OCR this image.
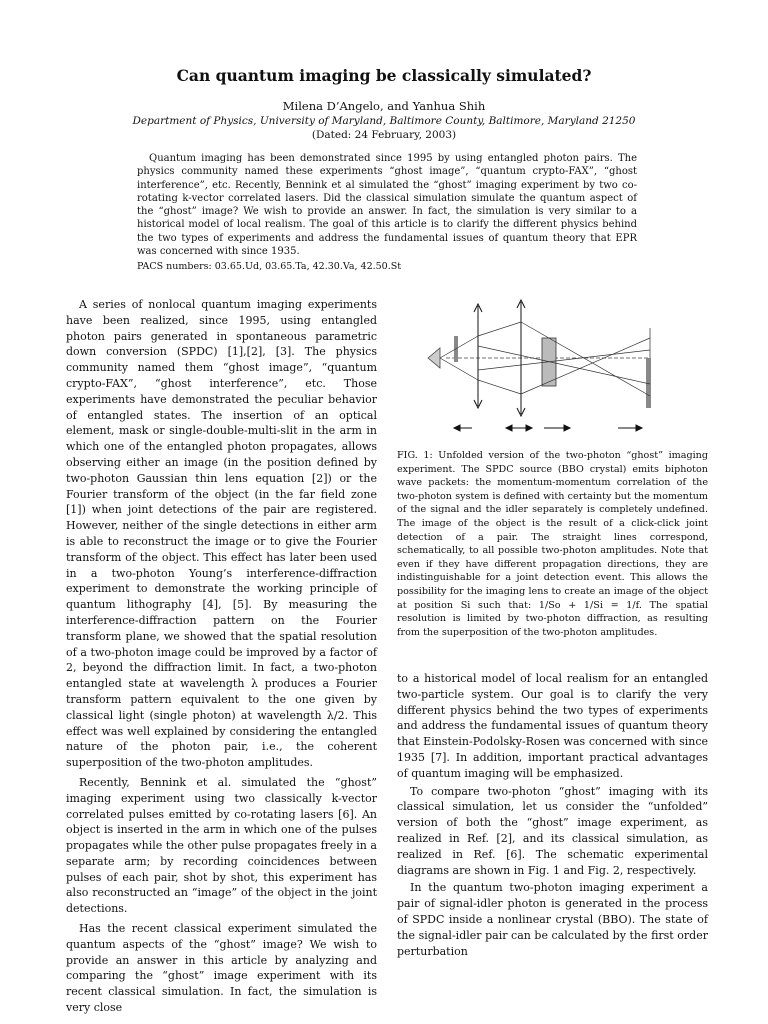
Can quantum imaging be classically simulated?
Milena D’Angelo, and Yanhua Shih
Department of Physics, University of Maryland, Baltimore County, Baltimore, Maryland 21250
(Dated: 24 February, 2003)
Quantum imaging has been demonstrated since 1995 by using entangled photon pairs. The physics community named these experiments “ghost image”, “quantum crypto-FAX”, “ghost interference”, etc. Recently, Bennink et al simulated the “ghost” imaging experiment by two co-rotating k-vector correlated lasers. Did the classical simulation simulate the quantum aspect of the “ghost” image? We wish to provide an answer. In fact, the simulation is very similar to a historical model of local realism. The goal of this article is to clarify the different physics behind the two types of experiments and address the fundamental issues of quantum theory that EPR was concerned with since 1935.
PACS numbers: 03.65.Ud, 03.65.Ta, 42.30.Va, 42.50.St

A series of nonlocal quantum imaging experiments have been realized, since 1995, using entangled photon pairs generated in spontaneous parametric down conversion (SPDC) [1],[2], [3]. The physics community named them “ghost image”, “quantum crypto-FAX”, “ghost interference”, etc. Those experiments have demonstrated the peculiar behavior of entangled states. The insertion of an optical element, mask or single-double-multi-slit in the arm in which one of the entangled photon propagates, allows observing either an image (in the position defined by two-photon Gaussian thin lens equation [2]) or the Fourier transform of the object (in the far field zone [1]) when joint detections of the pair are registered. However, neither of the single detections in either arm is able to reconstruct the image or to give the Fourier transform of the object. This effect has later been used in a two-photon Young’s interference-diffraction experiment to demonstrate the working principle of quantum lithography [4], [5]. By measuring the interference-diffraction pattern on the Fourier transform plane, we showed that the spatial resolution of a two-photon image could be improved by a factor of 2, beyond the diffraction limit. In fact, a two-photon entangled state at wavelength λ produces a Fourier transform pattern equivalent to the one given by classical light (single photon) at wavelength λ/2. This effect was well explained by considering the entangled nature of the photon pair, i.e., the coherent superposition of the two-photon amplitudes.

Recently, Bennink et al. simulated the “ghost” imaging experiment using two classically k-vector correlated pulses emitted by co-rotating lasers [6]. An object is inserted in the arm in which one of the pulses propagates while the other pulse propagates freely in a separate arm; by recording coincidences between pulses of each pair, shot by shot, this experiment has also reconstructed an “image” of the object in the joint detections.

Has the recent classical experiment simulated the quantum aspects of the “ghost” image? We wish to provide an answer in this article by analyzing and comparing the “ghost” image experiment with its recent classical simulation. In fact, the simulation is very close

FIG. 1: Unfolded version of the two-photon “ghost” imaging experiment. The SPDC source (BBO crystal) emits biphoton wave packets: the momentum-momentum correlation of the two-photon system is defined with certainty but the momentum of the signal and the idler separately is completely undefined. The image of the object is the result of a click-click joint detection of a pair. The straight lines correspond, schematically, to all possible two-photon amplitudes. Note that even if they have different propagation directions, they are indistinguishable for a joint detection event. This allows the possibility for the imaging lens to create an image of the object at position Si such that: 1/So + 1/Si = 1/f. The spatial resolution is limited by two-photon diffraction, as resulting from the superposition of the two-photon amplitudes.

to a historical model of local realism for an entangled two-particle system. Our goal is to clarify the very different physics behind the two types of experiments and address the fundamental issues of quantum theory that Einstein-Podolsky-Rosen was concerned with since 1935 [7]. In addition, important practical advantages of quantum imaging will be emphasized.

To compare two-photon “ghost” imaging with its classical simulation, let us consider the “unfolded” version of both the “ghost” image experiment, as realized in Ref. [2], and its classical simulation, as realized in Ref. [6]. The schematic experimental diagrams are shown in Fig. 1 and Fig. 2, respectively.

In the quantum two-photon imaging experiment a pair of signal-idler photon is generated in the process of SPDC inside a nonlinear crystal (BBO). The state of the signal-idler pair can be calculated by the first order perturbation
